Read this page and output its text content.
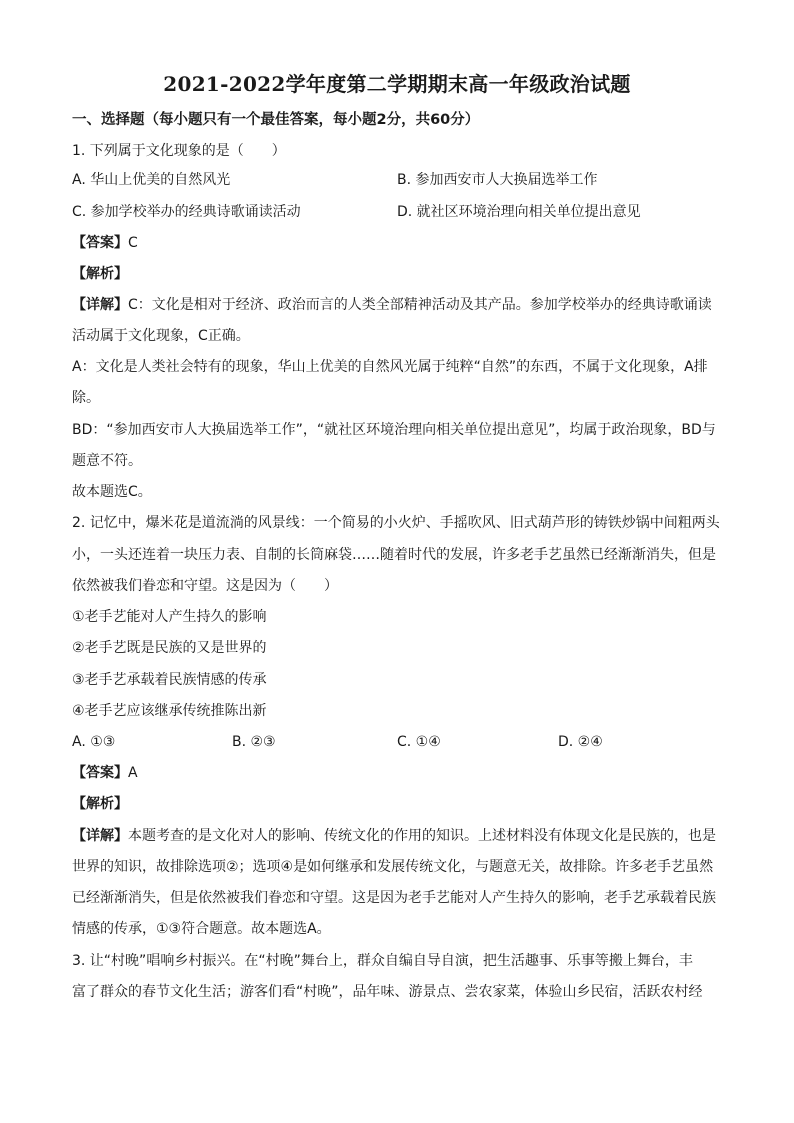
2021-2022学年度第二学期期末高一年级政治试题
一、选择题（每小题只有一个最佳答案，每小题2分，共60分）
1. 下列属于文化现象的是（　　）
A. 华山上优美的自然风光	B. 参加西安市人大换届选举工作
C. 参加学校举办的经典诗歌诵读活动	D. 就社区环境治理向相关单位提出意见
【答案】C
【解析】
【详解】C：文化是相对于经济、政治而言的人类全部精神活动及其产品。参加学校举办的经典诗歌诵读
活动属于文化现象，C正确。
A：文化是人类社会特有的现象，华山上优美的自然风光属于纯粹“自然”的东西，不属于文化现象，A排
除。
BD：“参加西安市人大换届选举工作”，“就社区环境治理向相关单位提出意见”，均属于政治现象，BD与
题意不符。
故本题选C。
2. 记忆中，爆米花是道流淌的风景线：一个简易的小火炉、手摇吹风、旧式葫芦形的铸铁炒锅中间粗两头
小，一头还连着一块压力表、自制的长筒麻袋……随着时代的发展，许多老手艺虽然已经渐渐消失，但是
依然被我们眷恋和守望。这是因为（　　）
①老手艺能对人产生持久的影响
②老手艺既是民族的又是世界的
③老手艺承载着民族情感的传承
④老手艺应该继承传统推陈出新
A. ①③	B. ②③	C. ①④	D. ②④
【答案】A
【解析】
【详解】本题考查的是文化对人的影响、传统文化的作用的知识。上述材料没有体现文化是民族的，也是
世界的知识，故排除选项②；选项④是如何继承和发展传统文化，与题意无关，故排除。许多老手艺虽然
已经渐渐消失，但是依然被我们眷恋和守望。这是因为老手艺能对人产生持久的影响，老手艺承载着民族
情感的传承，①③符合题意。故本题选A。
3. 让“村晚”唱响乡村振兴。在“村晚”舞台上，群众自编自导自演，把生活趣事、乐事等搬上舞台，丰
富了群众的春节文化生活；游客们看“村晚”，品年味、游景点、尝农家菜，体验山乡民宿，活跃农村经
